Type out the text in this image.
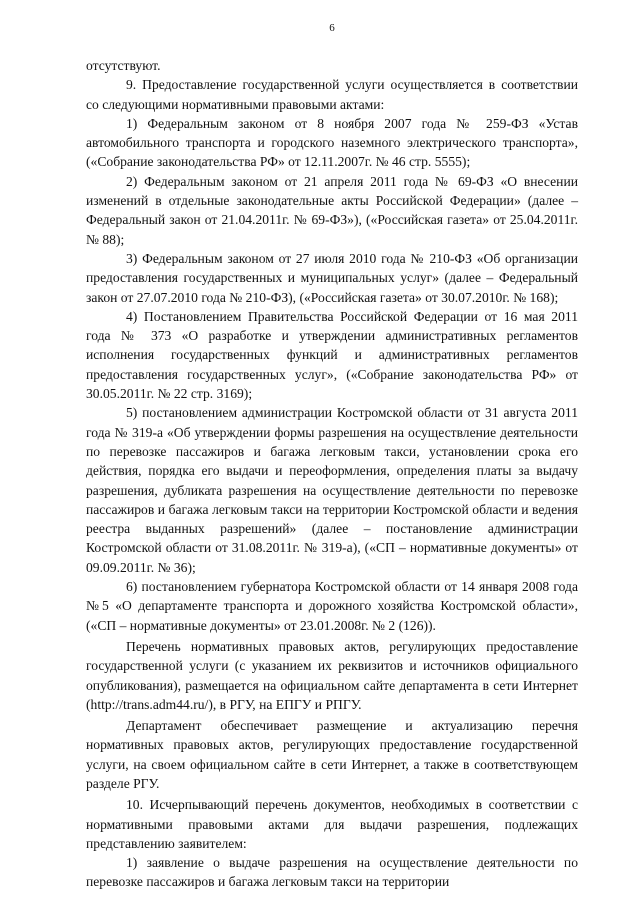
6

отсутствуют.

9. Предоставление государственной услуги осуществляется в соответствии со следующими нормативными правовыми актами:

1) Федеральным законом от 8 ноября 2007 года № 259-ФЗ «Устав автомобильного транспорта и городского наземного электрического транспорта», («Собрание законодательства РФ» от 12.11.2007г. № 46 стр. 5555);

2) Федеральным законом от 21 апреля 2011 года № 69-ФЗ «О внесении изменений в отдельные законодательные акты Российской Федерации» (далее – Федеральный закон от 21.04.2011г. № 69-ФЗ»), («Российская газета» от 25.04.2011г. № 88);

3) Федеральным законом от 27 июля 2010 года № 210-ФЗ «Об организации предоставления государственных и муниципальных услуг» (далее – Федеральный закон от 27.07.2010 года № 210-ФЗ), («Российская газета» от 30.07.2010г. № 168);

4) Постановлением Правительства Российской Федерации от 16 мая 2011 года № 373 «О разработке и утверждении административных регламентов исполнения государственных функций и административных регламентов предоставления государственных услуг», («Собрание законодательства РФ» от 30.05.2011г. № 22 стр. 3169);

5) постановлением администрации Костромской области от 31 августа 2011 года № 319-а «Об утверждении формы разрешения на осуществление деятельности по перевозке пассажиров и багажа легковым такси, установлении срока его действия, порядка его выдачи и переоформления, определения платы за выдачу разрешения, дубликата разрешения на осуществление деятельности по перевозке пассажиров и багажа легковым такси на территории Костромской области и ведения реестра выданных разрешений» (далее – постановление администрации Костромской области от 31.08.2011г. № 319-а), («СП – нормативные документы» от 09.09.2011г. № 36);

6) постановлением губернатора Костромской области от 14 января 2008 года №5 «О департаменте транспорта и дорожного хозяйства Костромской области», («СП – нормативные документы» от 23.01.2008г. № 2 (126)).

Перечень нормативных правовых актов, регулирующих предоставление государственной услуги (с указанием их реквизитов и источников официального опубликования), размещается на официальном сайте департамента в сети Интернет (http://trans.adm44.ru/), в РГУ, на ЕПГУ и РПГУ.

Департамент обеспечивает размещение и актуализацию перечня нормативных правовых актов, регулирующих предоставление государственной услуги, на своем официальном сайте в сети Интернет, а также в соответствующем разделе РГУ.

10. Исчерпывающий перечень документов, необходимых в соответствии с нормативными правовыми актами для выдачи разрешения, подлежащих представлению заявителем:

1) заявление о выдаче разрешения на осуществление деятельности по перевозке пассажиров и багажа легковым такси на территории
